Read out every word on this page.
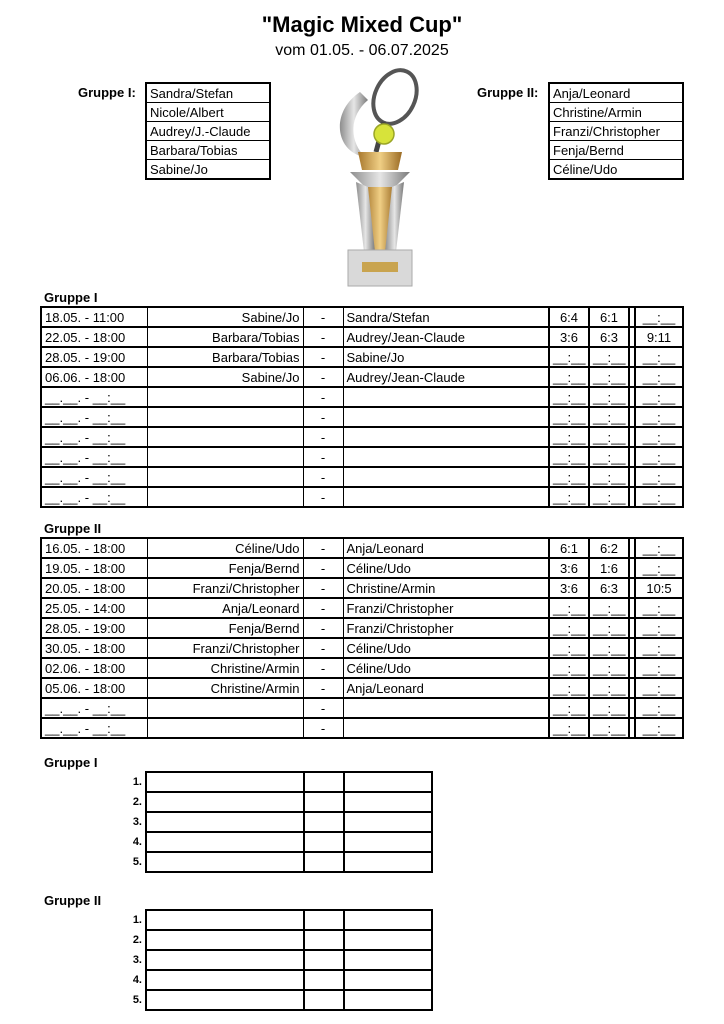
"Magic Mixed Cup"
vom 01.05. - 06.07.2025
Gruppe I: Sandra/Stefan
Nicole/Albert
Audrey/J.-Claude
Barbara/Tobias
Sabine/Jo
Gruppe II: Anja/Leonard
Christine/Armin
Franzi/Christopher
Fenja/Bernd
Céline/Udo
Gruppe I
18.05. - 11:00	Sabine/Jo	-	Sandra/Stefan	6:4	6:1		__:__
22.05. - 18:00	Barbara/Tobias	-	Audrey/Jean-Claude	3:6	6:3		9:11
28.05. - 19:00	Barbara/Tobias	-	Sabine/Jo	__:__	__:__		__:__
06.06. - 18:00	Sabine/Jo	-	Audrey/Jean-Claude	__:__	__:__		__:__
__.__. - __:__		-		__:__	__:__		__:__
__.__. - __:__		-		__:__	__:__		__:__
__.__. - __:__		-		__:__	__:__		__:__
__.__. - __:__		-		__:__	__:__		__:__
__.__. - __:__		-		__:__	__:__		__:__
__.__. - __:__		-		__:__	__:__		__:__
Gruppe II
16.05. - 18:00	Céline/Udo	-	Anja/Leonard	6:1	6:2		__:__
19.05. - 18:00	Fenja/Bernd	-	Céline/Udo	3:6	1:6		__:__
20.05. - 18:00	Franzi/Christopher	-	Christine/Armin	3:6	6:3		10:5
25.05. - 14:00	Anja/Leonard	-	Franzi/Christopher	__:__	__:__		__:__
28.05. - 19:00	Fenja/Bernd	-	Franzi/Christopher	__:__	__:__		__:__
30.05. - 18:00	Franzi/Christopher	-	Céline/Udo	__:__	__:__		__:__
02.06. - 18:00	Christine/Armin	-	Céline/Udo	__:__	__:__		__:__
05.06. - 18:00	Christine/Armin	-	Anja/Leonard	__:__	__:__		__:__
__.__. - __:__		-		__:__	__:__		__:__
__.__. - __:__		-		__:__	__:__		__:__
Gruppe I
1.			
2.			
3.			
4.			
5.			
Gruppe II
1.			
2.			
3.			
4.			
5.			
